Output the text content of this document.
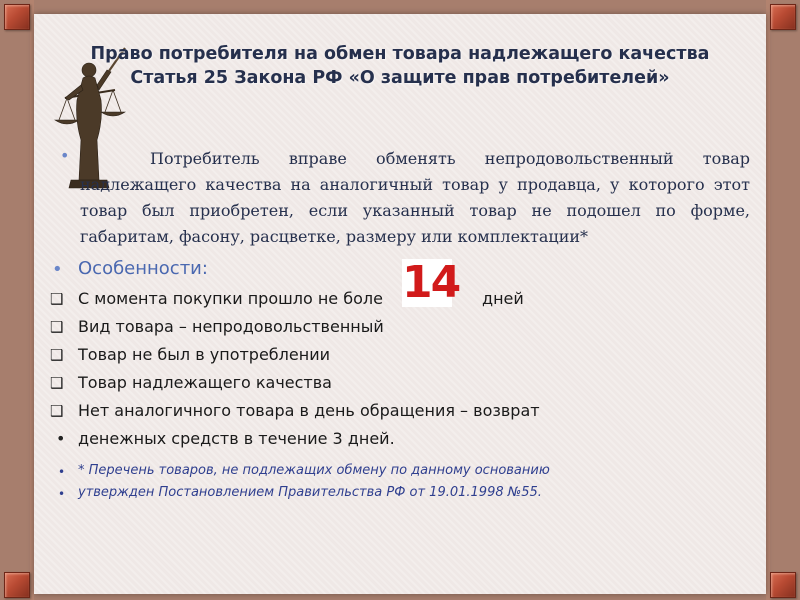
Право потребителя на обмен товара надлежащего качества
Статья 25 Закона РФ «О защите прав потребителей»
•	Потребитель вправе обменять непродовольственный товар надлежащего качества на аналогичный товар у продавца, у которого этот товар был приобретен, если указанный товар не подошел по форме, габаритам, фасону, расцветке, размеру или комплектации*
• Особенности:
❑ С момента покупки прошло не боле	дней
14
❑ Вид товара – непродовольственный
❑ Товар не был в употреблении
❑ Товар надлежащего качества
❑ Нет аналогичного товара в день обращения – возврат
• денежных средств в течение 3 дней.
• * Перечень товаров, не подлежащих обмену по данному основанию
• утвержден Постановлением Правительства РФ от 19.01.1998 №55.
